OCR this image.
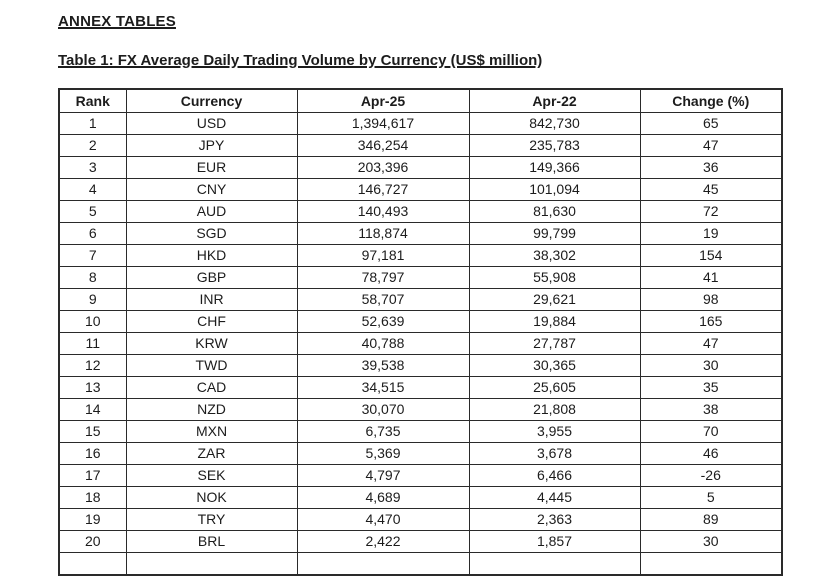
ANNEX TABLES
Table 1: FX Average Daily Trading Volume by Currency (US$ million)
Rank	Currency	Apr-25	Apr-22	Change (%)
1	USD	1,394,617	842,730	65
2	JPY	346,254	235,783	47
3	EUR	203,396	149,366	36
4	CNY	146,727	101,094	45
5	AUD	140,493	81,630	72
6	SGD	118,874	99,799	19
7	HKD	97,181	38,302	154
8	GBP	78,797	55,908	41
9	INR	58,707	29,621	98
10	CHF	52,639	19,884	165
11	KRW	40,788	27,787	47
12	TWD	39,538	30,365	30
13	CAD	34,515	25,605	35
14	NZD	30,070	21,808	38
15	MXN	6,735	3,955	70
16	ZAR	5,369	3,678	46
17	SEK	4,797	6,466	-26
18	NOK	4,689	4,445	5
19	TRY	4,470	2,363	89
20	BRL	2,422	1,857	30
